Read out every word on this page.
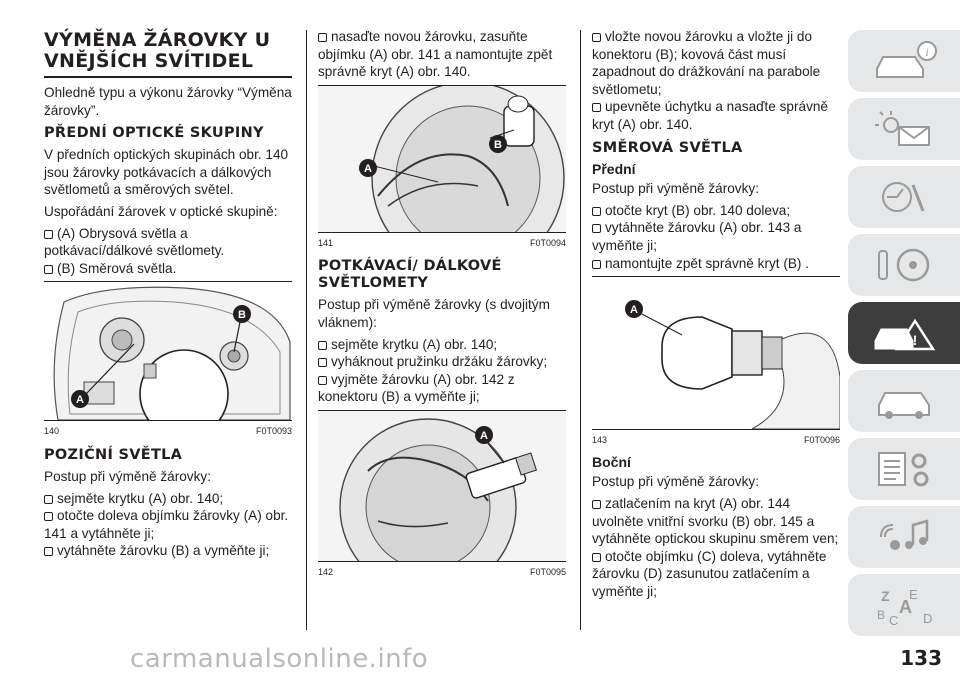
VÝMĚNA ŽÁROVKY U VNĚJŠÍCH SVÍTIDEL

Ohledně typu a výkonu žárovky “Výměna žárovky”.

PŘEDNÍ OPTICKÉ SKUPINY

V předních optických skupinách obr. 140 jsou žárovky potkávacích a dálkových světlometů a směrových světel.

Uspořádání žárovek v optické skupině:

(A) Obrysová světla a potkávací/dálkové světlomety.
(B) Směrová světla.
A
B
140	F0T0093
POZIČNÍ SVĚTLA

Postup při výměně žárovky:

sejměte krytku (A) obr. 140;
otočte doleva objímku žárovky (A) obr. 141 a vytáhněte ji;
vytáhněte žárovku (B) a vyměňte ji;
nasaďte novou žárovku, zasuňte objímku (A) obr. 141 a namontujte zpět správně kryt (A) obr. 140.
A
B
141	F0T0094
POTKÁVACÍ/ DÁLKOVÉ SVĚTLOMETY

Postup při výměně žárovky (s dvojitým vláknem):

sejměte krytku (A) obr. 140;
vyháknout pružinku držáku žárovky;
vyjměte žárovku (A) obr. 142 z konektoru (B) a vyměňte ji;
A
142	F0T0095
vložte novou žárovku a vložte ji do konektoru (B); kovová část musí zapadnout do drážkování na parabole světlometu;
upevněte úchytku a nasaďte správně kryt (A) obr. 140.
SMĚROVÁ SVĚTLA
Přední

Postup při výměně žárovky:

otočte kryt (B) obr. 140 doleva;
vytáhněte žárovku (A) obr. 143 a vyměňte ji;
namontujte zpět správně kryt (B) .
A
143	F0T0096
Boční

Postup při výměně žárovky:

zatlačením na kryt (A) obr. 144 uvolněte vnitřní svorku (B) obr. 145 a vytáhněte optickou skupinu směrem ven;
otočte objímku (C) doleva, vytáhněte žárovku (D) zasunutou zatlačením a vyměňte ji;
i
!
Z E
A
B C D
carmanualsonline.info	133
